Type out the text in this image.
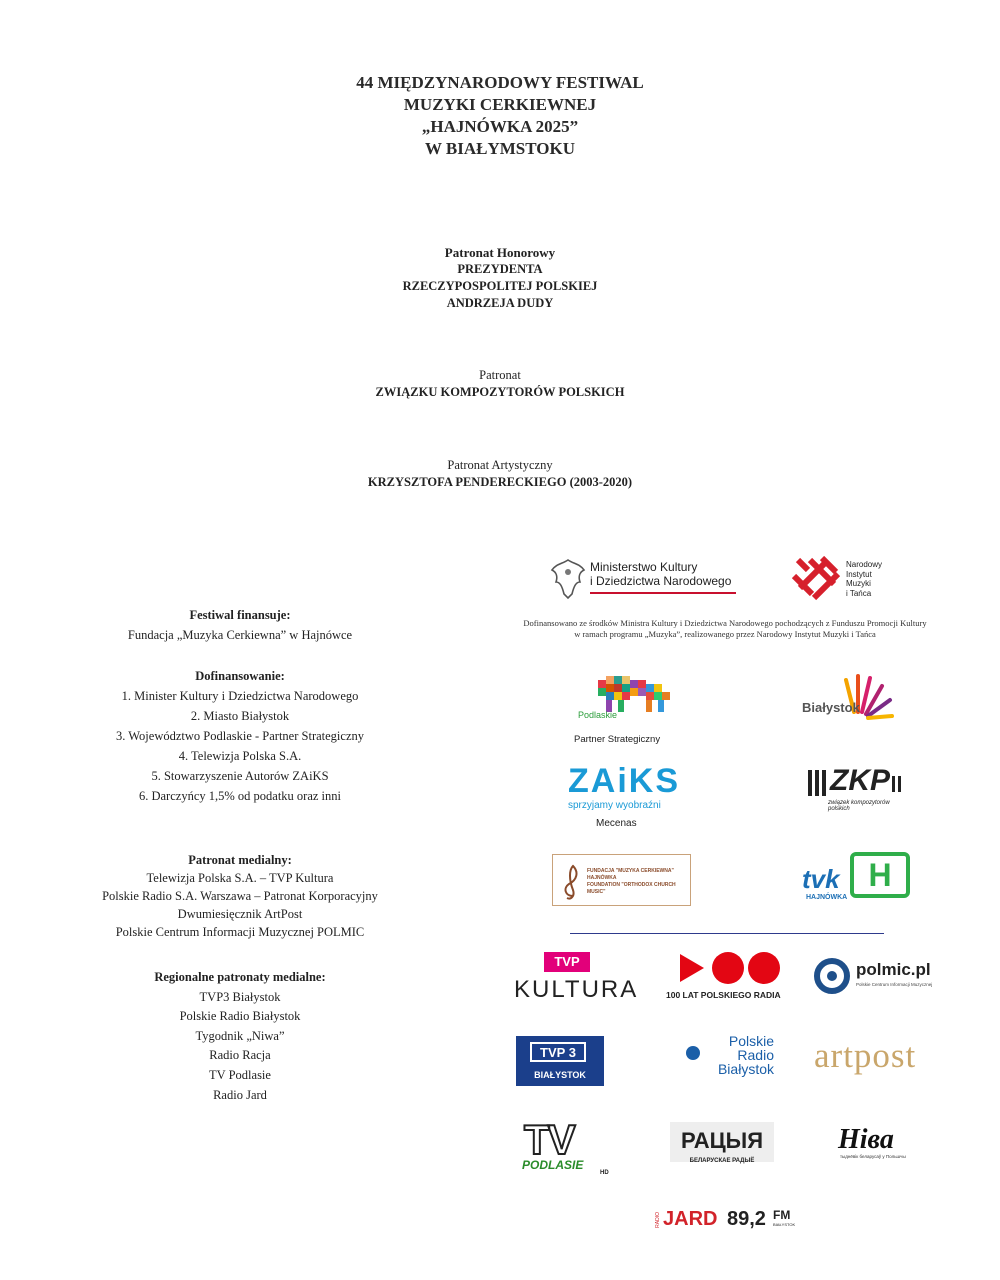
44 MIĘDZYNARODOWY FESTIWAL
MUZYKI CERKIEWNEJ
„HAJNÓWKA 2025”
W BIAŁYMSTOKU
Patronat Honorowy
PREZYDENTA
RZECZYPOSPOLITEJ POLSKIEJ
ANDRZEJA DUDY
Patronat
ZWIĄZKU KOMPOZYTORÓW POLSKICH
Patronat Artystyczny
KRZYSZTOFA PENDERECKIEGO (2003-2020)
Festiwal finansuje:
Fundacja „Muzyka Cerkiewna” w Hajnówce
Dofinansowanie:
1. Minister Kultury i Dziedzictwa Narodowego
2. Miasto Białystok
3. Województwo Podlaskie - Partner Strategiczny
4. Telewizja Polska S.A.
5. Stowarzyszenie Autorów ZAiKS
6. Darczyńcy 1,5% od podatku oraz inni
Patronat medialny:
Telewizja Polska S.A. – TVP Kultura
Polskie Radio S.A. Warszawa – Patronat Korporacyjny
Dwumiesięcznik ArtPost
Polskie Centrum Informacji Muzycznej POLMIC
Regionalne patronaty medialne:
TVP3 Białystok
Polskie Radio Białystok
Tygodnik „Niwa”
Radio Racja
TV Podlasie
Radio Jard
Ministerstwo Kultury
i Dziedzictwa Narodowego
Narodowy
Instytut
Muzyki
i Tańca
Dofinansowano ze środków Ministra Kultury i Dziedzictwa Narodowego pochodzących z Funduszu Promocji Kultury
w ramach programu „Muzyka”, realizowanego przez Narodowy Instytut Muzyki i Tańca
Podlaskie
Partner Strategiczny
Białystok
ZAiKS
sprzyjamy wyobraźni
Mecenas
ZKP
związek kompozytorów polskich
FUNDACJA "MUZYKA CERKIEWNA"
HAJNÓWKA
FOUNDATION "ORTHODOX CHURCH MUSIC"	tvk H
HAJNÓWKA
TVP
KULTURA	100 LAT POLSKIEGO RADIA
polmic.pl
Polskie Centrum Informacji Muzycznej
TVP 3
BIAŁYSTOK
Polskie
Radio
Białystok artpost
TV
PODLASIE
HD
РАЦЫЯ
БЕЛАРУСКАЕ РАДЫЁ
Ніва
тыднёвік беларусаў у Польшчы
RADIO JARD 89,2 FM
BIAŁYSTOK
